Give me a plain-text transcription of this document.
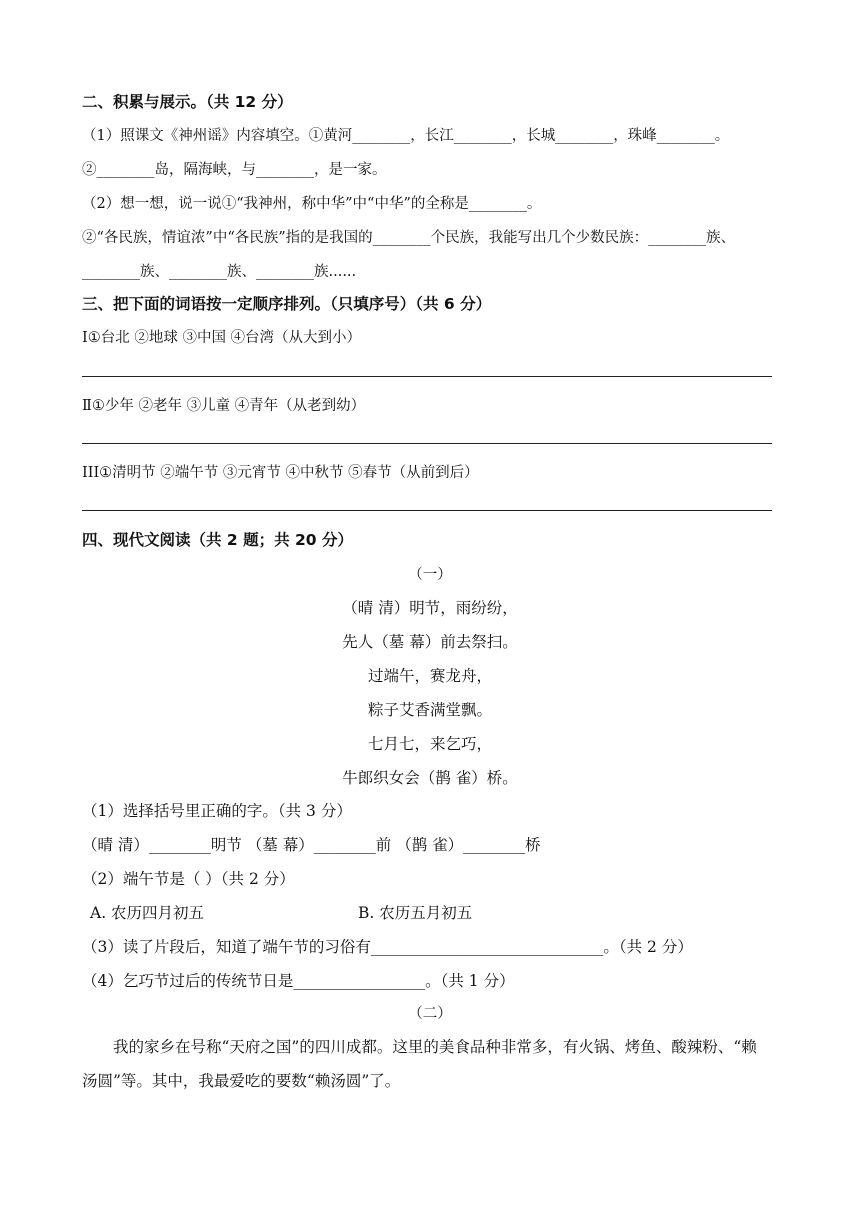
二、积累与展示。（共 12 分）
（1）照课文《神州谣》内容填空。①黄河________，长江________，长城________，珠峰________。
②________岛，隔海峡，与________，是一家。
（2）想一想，说一说①“我神州，称中华”中“中华”的全称是________。
②“各民族，情谊浓”中“各民族”指的是我国的________个民族，我能写出几个少数民族：________族、
________族、________族、________族......
三、把下面的词语按一定顺序排列。（只填序号）（共 6 分）
Ⅰ①台北 ②地球 ③中国 ④台湾（从大到小）
Ⅱ①少年 ②老年 ③儿童 ④青年（从老到幼）
III①清明节 ②端午节 ③元宵节 ④中秋节 ⑤春节（从前到后）
四、现代文阅读（共 2 题；共 20 分）
（一）
（晴 清）明节，雨纷纷，
先人（墓 幕）前去祭扫。
过端午，赛龙舟，
粽子艾香满堂飘。
七月七，来乞巧，
牛郎织女会（鹊 雀）桥。
（1）选择括号里正确的字。（共 3 分）
（晴 清）________明节 （墓 幕）________前 （鹊 雀）________桥
（2）端午节是（ ）（共 2 分）
A. 农历四月初五	B. 农历五月初五
（3）读了片段后，知道了端午节的习俗有______________________________。（共 2 分）
（4）乞巧节过后的传统节日是_________________。（共 1 分）
（二）
我的家乡在号称“天府之国”的四川成都。这里的美食品种非常多，有火锅、烤鱼、酸辣粉、“赖汤圆”等。其中，我最爱吃的要数“赖汤圆”了。
